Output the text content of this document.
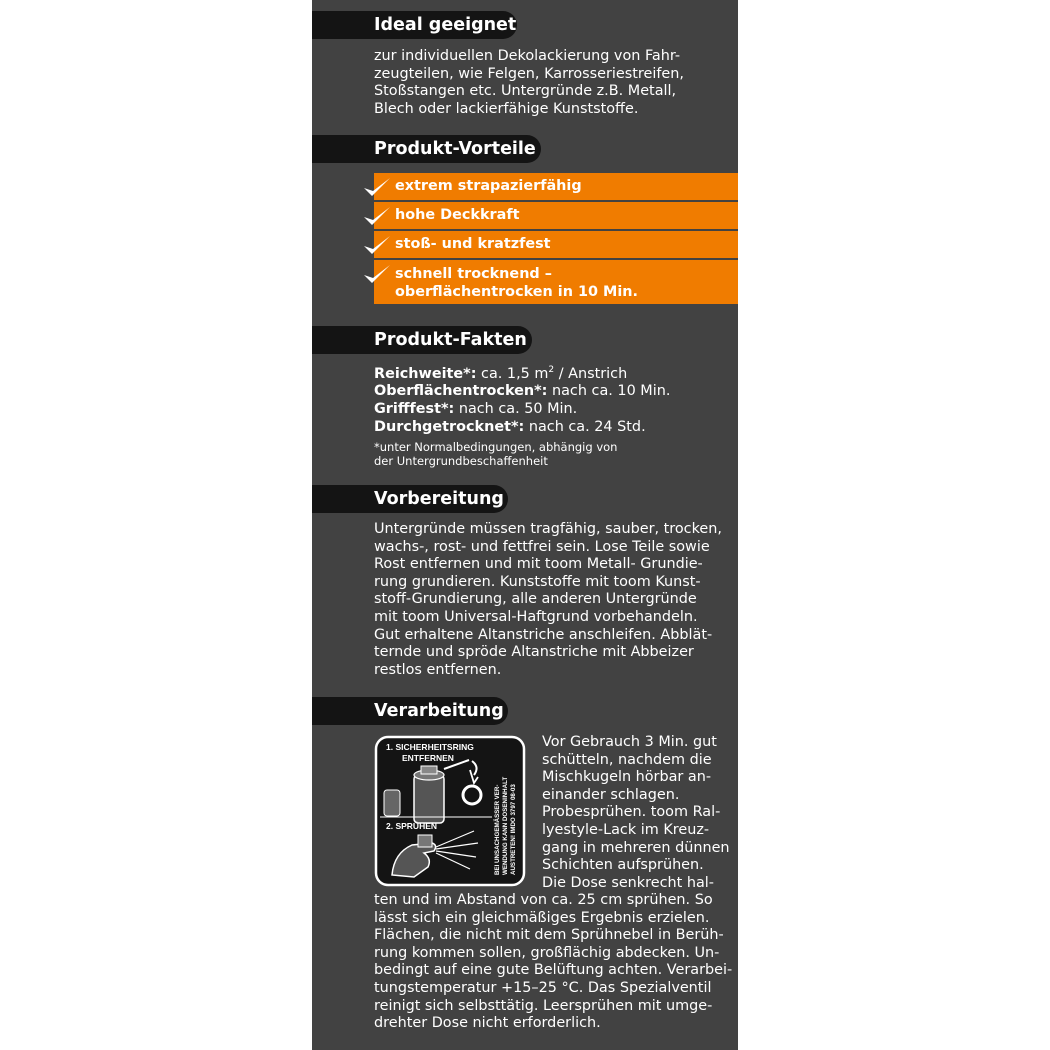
Ideal geeignet

zur individuellen Dekolackierung von Fahr-

zeugteilen, wie Felgen, Karrosseriestreifen,

Stoßstangen etc. Untergründe z.B. Metall,

Blech oder lackierfähige Kunststoffe.

Produkt-Vorteile
extrem strapazierfähig
hohe Deckkraft
stoß- und kratzfest
schnell trocknend –
oberflächentrocken in 10 Min.
Produkt-Fakten

Reichweite*: ca. 1,5 $m^2$ / Anstrich

Oberflächentrocken*: nach ca. 10 Min.

Grifffest*: nach ca. 50 Min.

Durchgetrocknet*: nach ca. 24 Std.

*unter Normalbedingungen, abhängig von

der Untergrundbeschaffenheit

Vorbereitung

Untergründe müssen tragfähig, sauber, trocken,

wachs-, rost- und fettfrei sein. Lose Teile sowie

Rost entfernen und mit toom Metall- Grundie-

rung grundieren. Kunststoffe mit toom Kunst-

stoff-Grundierung, alle anderen Untergründe

mit toom Universal-Haftgrund vorbehandeln.

Gut erhaltene Altanstriche anschleifen. Abblät-

ternde und spröde Altanstriche mit Abbeizer

restlos entfernen.

Verarbeitung
1. SICHERHEITSRING
ENTFERNEN
2. SPRÜHEN	BEI UNSACHGEMÄSSER VER- WENDUNG KANN DOSENINHALT AUSTRETEN! IMDO 3797 08-03

Vor Gebrauch 3 Min. gut

schütteln, nachdem die

Mischkugeln hörbar an-

einander schlagen.

Probesprühen. toom Ral-

lyestyle-Lack im Kreuz-

gang in mehreren dünnen

Schichten aufsprühen.

Die Dose senkrecht hal-

ten und im Abstand von ca. 25 cm sprühen. So

lässt sich ein gleichmäßiges Ergebnis erzielen.

Flächen, die nicht mit dem Sprühnebel in Berüh-

rung kommen sollen, großflächig abdecken. Un-

bedingt auf eine gute Belüftung achten. Verarbei-

tungstemperatur +15–25 °C. Das Spezialventil

reinigt sich selbsttätig. Leersprühen mit umge-

drehter Dose nicht erforderlich.
